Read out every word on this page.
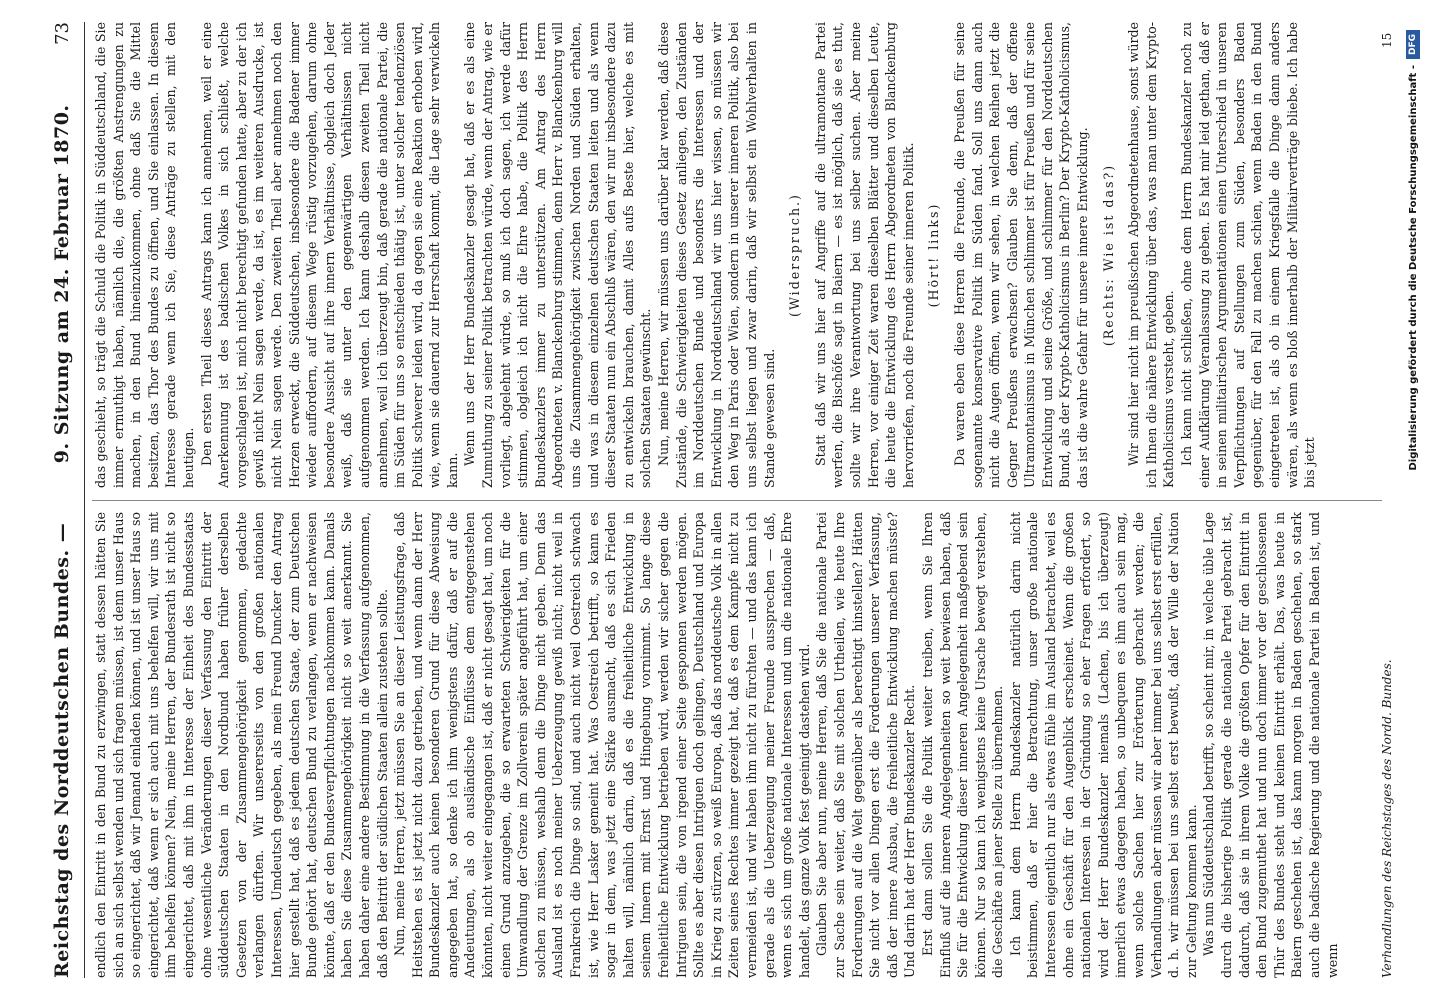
Reichstag des Norddeutschen Bundes. —
9. Sitzung am 24. Februar 1870.
73

endlich den Eintritt in den Bund zu erzwingen, statt dessen hätten Sie sich an sich selbst wenden und sich fragen müssen, ist denn unser Haus so eingerichtet, daß wir Jemand einladen können, und ist unser Haus so eingerichtet, daß wenn er sich auch mit uns behelfen will, wir uns mit ihm behelfen können? Nein, meine Herren, der Bundesrath ist nicht so eingerichtet, daß mit ihm in Interesse der Einheit des Bundesstaats ohne wesentliche Veränderungen dieser Verfassung den Eintritt der süddeutschen Staaten in den Nordbund haben früher derselben Gesetzen von der Zusammengehörigkeit genommen, gedachte verlangen dürften. Wir unsererseits von den großen nationalen Interessen, Umdeutsch gegeben, als mein Freund Duncker den Antrag hier gestellt hat, daß es jedem deutschen Staate, der zum Deutschen Bunde gehört hat, deutschen Bund zu verlangen, wenn er nachweisen könnte, daß er den Bundesverpflichtungen nachkommen kann. Damals haben Sie diese Zusammengehörigkeit nicht so weit anerkannt. Sie haben daher eine andere Bestimmung in die Verfassung aufgenommen, daß den Beitritt der südlichen Staaten allein zustehen sollte. Nun, meine Herren, jetzt müssen Sie an dieser Leistungsfrage, daß Heitstehen es ist jetzt nicht dazu getrieben, und wenn dann der Herr Bundeskanzler auch keinen besonderen Grund für diese Abweisung angegeben hat, so denke ich ihm wenigstens dafür, daß er auf die Andeutungen, als ob ausländische Einflüsse dem entgegenstehen könnten, nicht weiter eingegangen ist, daß er nicht gesagt hat, um noch einen Grund anzugeben, die so erwarteten Schwierigkeiten für die Umwandlung der Grenze im Zollverein später angeführt hat, um einer solchen zu müssen, weshalb denn die Dinge nicht geben. Denn das Ausland ist es noch meiner Ueberzeugung gewiß nicht; nicht weil in Frankreich die Dinge so sind, und auch nicht weil Oestreich schwach ist, wie Herr Lasker gemeint hat. Was Oestreich betrifft, so kann es sogar in dem, was jetzt eine Stärke ausmacht, daß es sich Frieden halten will, nämlich darin, daß es die freiheitliche Entwicklung in seinem Innern mit Ernst und Hingebung vornimmt. So lange diese freiheitliche Entwicklung betrieben wird, werden wir sicher gegen die Intriguen sein, die von irgend einer Seite gesponnen werden mögen. Sollte es aber diesen Intriguen doch gelingen, Deutschland und Europa in Krieg zu stürzen, so weiß Europa, daß das norddeutsche Volk in allen Zeiten seines Rechtes immer gezeigt hat, daß es dem Kampfe nicht zu vermeiden ist, und wir haben ihm nicht zu fürchten — und das kann ich gerade als die Ueberzeugung meiner Freunde aussprechen — daß, wenn es sich um große nationale Interessen und um die nationale Ehre handelt, das ganze Volk fest geeinigt dastehen wird. Glauben Sie aber nun, meine Herren, daß Sie die nationale Partei zur Sache sein weiter, daß Sie mit solchen Urtheilen, wie heute Ihre Forderungen auf die Welt gegenüber als berechtigt hinstellen? Hätten Sie nicht vor allen Dingen erst die Forderungen unserer Verfassung, daß der innere Ausbau, die freiheitliche Entwicklung machen müsste? Und darin hat der Herr Bundeskanzler Recht. Erst dann sollen Sie die Politik weiter treiben, wenn Sie Ihren Einfluß auf die inneren Angelegenheiten so weit bewiesen haben, daß Sie für die Entwicklung dieser inneren Angelegenheit maßgebend sein können. Nur so kann ich wenigstens keine Ursache bewegt verstehen, die Geschäfte an jener Stelle zu übernehmen. Ich kann dem Herrn Bundeskanzler natürlich darin nicht beistimmen, daß er hier die Betrachtung, unser große nationale Interessen eigentlich nur als etwas fühle im Ausland betrachtet, weil es ohne ein Geschäft für den Augenblick erscheinet. Wenn die großen nationalen Interessen in der Gründung so eher Fragen erfordert, so wird der Herr Bundeskanzler niemals (Lachen, bis ich überzeugt) innerlich etwas dagegen haben, so unbequem es ihm auch sein mag, wenn solche Sachen hier zur Erörterung gebracht werden; die Verhandlungen aber müssen wir aber immer bei uns selbst erst erfüllen, d. h. wir müssen bei uns selbst erst bewußt, daß der Wille der Nation zur Geltung kommen kann. Was nun Süddeutschland betrifft, so scheint mir, in welche üble Lage durch die bisherige Politik gerade die nationale Partei gebracht ist, dadurch, daß sie in ihrem Volke die größten Opfer für den Eintritt in den Bund zugemuthet hat und nun doch immer vor der geschlossenen Thür des Bundes steht und keinen Eintritt erhält. Das, was heute in Baiern geschehen ist, das kann morgen in Baden geschehen, so stark auch die badische Regierung und die nationale Partei in Baden ist, und wenn

das geschieht, so trägt die Schuld die Politik in Süddeutschland, die Sie immer ermuthigt haben, nämlich die, die größten Anstrengungen zu machen, in den Bund hineinzukommen, ohne daß Sie die Mittel besitzen, das Thor des Bundes zu öffnen, und Sie einlassen. In diesem Interesse gerade wenn ich Sie, diese Anträge zu stellen, mit den heutigen. Den ersten Theil dieses Antrags kann ich annehmen, weil er eine Anerkennung ist des badischen Volkes in sich schließt, welche vorgeschlagen ist, mich nicht berechtigt gefunden hatte, aber zu der ich gewiß nicht Nein sagen werde, da ist, es im weiteren Ausdrucke, ist nicht Nein sagen werde. Den zweiten Theil aber annehmen noch den Herzen erweckt, die Süddeutschen, insbesondere die Badener immer wieder auffordern, auf diesem Wege rüstig vorzugehen, darum ohne besondere Aussicht auf ihre innern Verhältnisse, obgleich doch Jeder weiß, daß sie unter den gegenwärtigen Verhältnissen nicht aufgenommen werden. Ich kann deshalb diesen zweiten Theil nicht annehmen, weil ich überzeugt bin, daß gerade die nationale Partei, die im Süden für uns so entschieden thätig ist, unter solcher tendenziösen Politik schwerer leiden wird, da gegen sie eine Reaktion erhoben wird, wie, wenn sie dauernd zur Herrschaft kommt, die Lage sehr verwickeln kann.

Wenn uns der Herr Bundeskanzler gesagt hat, daß er es als eine Zumuthung zu seiner Politik betrachten würde, wenn der Antrag, wie er vorliegt, abgelehnt würde, so muß ich doch sagen, ich werde dafür stimmen, obgleich ich nicht die Ehre habe, die Politik des Herrn Bundeskanzlers immer zu unterstützen. Am Antrag des Herrn Abgeordneten v. Blanckenburg stimmen, denn Herr v. Blanckenburg will uns die Zusammengehörigkeit zwischen Norden und Süden erhalten, und was in diesem einzelnen deutschen Staaten leiten und als wenn dieser Staaten nun ein Abschluß wären, den wir nur insbesondere dazu zu entwickeln brauchen, damit Alles aufs Beste hier, welche es mit solchen Staaten gewünscht. Nun, meine Herren, wir müssen uns darüber klar werden, daß diese Zustände, die Schwierigkeiten dieses Gesetz anliegen, den Zuständen im Norddeutschen Bunde und besonders die Interessen und der Entwicklung in Norddeutschland wir uns hier wissen, so müssen wir den Weg in Paris oder Wien, sondern in unserer inneren Politik, also bei uns selbst liegen und zwar darin, daß wir selbst ein Wohlverhalten in Stande gewesen sind.

(Widerspruch.) Statt daß wir uns hier auf Angriffe auf die ultramontane Partei werfen, die Bischöfe sagt in Baiern — es ist möglich, daß sie es thut, sollte wir ihre Verantwortung bei uns selber suchen. Aber meine Herren, vor einiger Zeit waren dieselben Blätter und dieselben Leute, die heute die Entwicklung des Herrn Abgeordneten von Blanckenburg hervorriefen, noch die Freunde seiner inneren Politik. (Hört! links) Da waren eben diese Herren die Freunde, die Preußen für seine sogenannte konservative Politik im Süden fand. Soll uns dann auch nicht die Augen öffnen, wenn wir sehen, in welchen Reihen jetzt die Gegner Preußens erwachsen? Glauben Sie denn, daß der offene Ultramontanismus in München schlimmer ist für Preußen und für seine Entwicklung und seine Größe, und schlimmer für den Norddeutschen Bund, als der Krypto-Katholicismus in Berlin? Der Krypto-Katholicismus, das ist die wahre Gefahr für unsere innere Entwicklung. (Rechts: Wie ist das?) Wir sind hier nicht im preußischen Abgeordnetenhause, sonst würde ich Ihnen die nähere Entwicklung über das, was man unter dem Krypto-Katholicismus versteht, geben. Ich kann nicht schließen, ohne dem Herrn Bundeskanzler noch zu einer Aufklärung Veranlassung zu geben. Es hat mir leid gethan, daß er in seinen militairischen Argumentationen einen Unterschied in unseren Verpflichtungen auf Stellungen zum Süden, besonders Baden gegenüber, für den Fall zu machen schien, wenn Baden in den Bund eingetreten ist, als ob in einem Kriegsfalle die Dinge dann anders wären, als wenn es bloß innerhalb der Militairverträge bliebe. Ich habe bis jetzt

Verhandlungen des Reichstages des Nordd. Bundes.
15
Digitalisierung gefördert durch die Deutsche Forschungsgemeinschaft -
DFG
